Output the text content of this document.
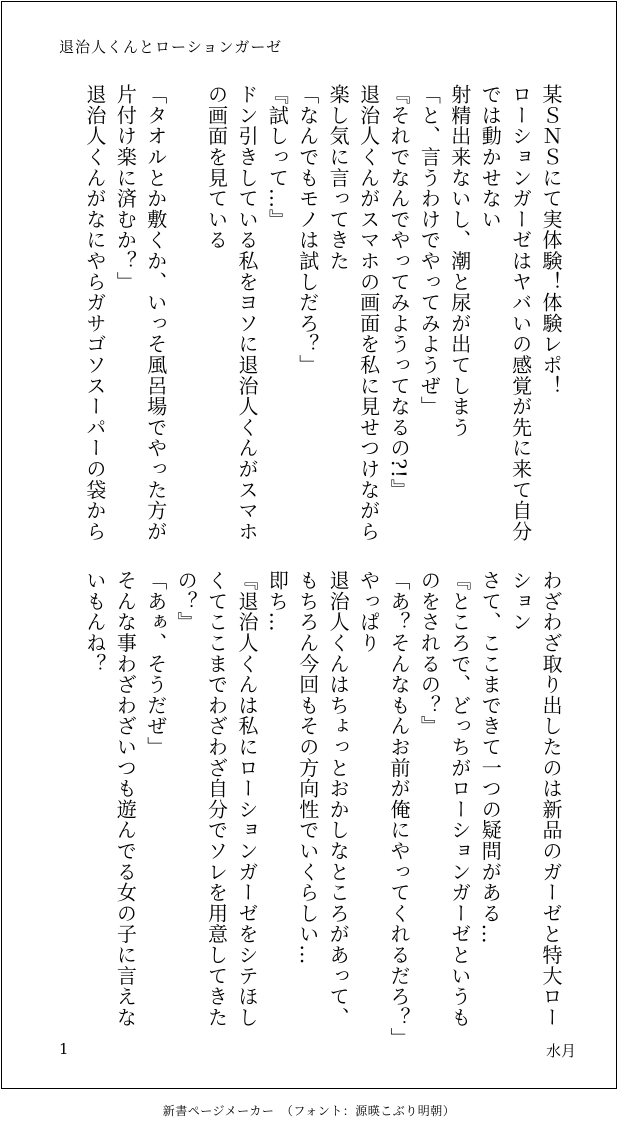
退治人くんとローションガーゼ
某ＳＮＳにて実体験！体験レポ！
ローションガーゼはヤバいの感覚が先に来て自分
では動かせない
射精出来ないし、潮と尿が出てしまう
「と、言うわけでやってみようぜ」
『それでなんでやってみようってなるの?!』
退治人くんがスマホの画面を私に見せつけながら
楽し気に言ってきた
「なんでもモノは試しだろ？」
『試しって…』
ドン引きしている私をヨソに退治人くんがスマホ
の画面を見ている
「タオルとか敷くか、いっそ風呂場でやった方が
片付け楽に済むか？」
退治人くんがなにやらガサゴソスーパーの袋から
わざわざ取り出したのは新品のガーゼと特大ロー
ション
さて、ここまできて一つの疑問がある…
『ところで、どっちがローションガーゼというも
のをされるの？』
「あ？そんなもんお前が俺にやってくれるだろ？」
やっぱり
退治人くんはちょっとおかしなところがあって、
もちろん今回もその方向性でいくらしい…
即ち…
『退治人くんは私にローションガーゼをシテほし
くてここまでわざわざ自分でソレを用意してきた
の？』
「あぁ、そうだぜ」
そんな事わざわざいつも遊んでる女の子に言えな
いもんね？
1	水月
新書ページメーカー　（フォント：源暎こぶり明朝）
